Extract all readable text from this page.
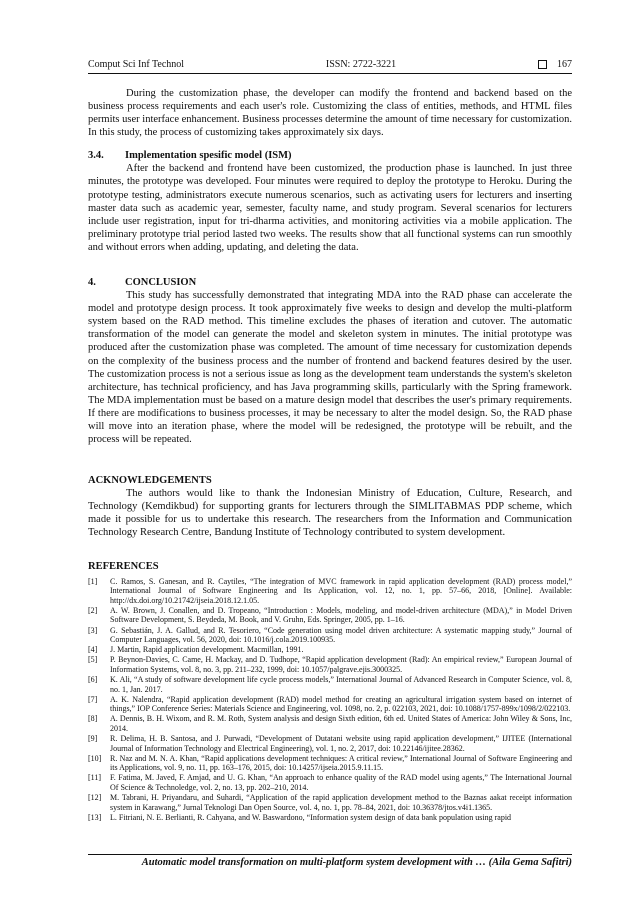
Comput Sci Inf Technol	ISSN: 2722-3221	167

During the customization phase, the developer can modify the frontend and backend based on the business process requirements and each user's role. Customizing the class of entities, methods, and HTML files permits user interface enhancement. Business processes determine the amount of time necessary for customization. In this study, the process of customizing takes approximately six days.

3.4. Implementation spesific model (ISM)

After the backend and frontend have been customized, the production phase is launched. In just three minutes, the prototype was developed. Four minutes were required to deploy the prototype to Heroku. During the prototype testing, administrators execute numerous scenarios, such as activating users for lecturers and inserting master data such as academic year, semester, faculty name, and study program. Several scenarios for lecturers include user registration, input for tri-dharma activities, and monitoring activities via a mobile application. The preliminary prototype trial period lasted two weeks. The results show that all functional systems can run smoothly and without errors when adding, updating, and deleting the data.

4.	CONCLUSION

This study has successfully demonstrated that integrating MDA into the RAD phase can accelerate the model and prototype design process. It took approximately five weeks to design and develop the multi-platform system based on the RAD method. This timeline excludes the phases of iteration and cutover. The automatic transformation of the model can generate the model and skeleton system in minutes. The initial prototype was produced after the customization phase was completed. The amount of time necessary for customization depends on the complexity of the business process and the number of frontend and backend features desired by the user. The customization process is not a serious issue as long as the development team understands the system's skeleton architecture, has technical proficiency, and has Java programming skills, particularly with the Spring framework. The MDA implementation must be based on a mature design model that describes the user's primary requirements. If there are modifications to business processes, it may be necessary to alter the model design. So, the RAD phase will move into an iteration phase, where the model will be redesigned, the prototype will be rebuilt, and the process will be repeated.

ACKNOWLEDGEMENTS

The authors would like to thank the Indonesian Ministry of Education, Culture, Research, and Technology (Kemdikbud) for supporting grants for lecturers through the SIMLITABMAS PDP scheme, which made it possible for us to undertake this research. The researchers from the Information and Communication Technology Research Centre, Bandung Institute of Technology contributed to system development.

REFERENCES
[1]	C. Ramos, S. Ganesan, and R. Caytiles, “The integration of MVC framework in rapid application development (RAD) process model,” International Journal of Software Engineering and Its Application, vol. 12, no. 1, pp. 57–66, 2018, [Online]. Available: http://dx.doi.org/10.21742/ijseia.2018.12.1.05.
[2]	A. W. Brown, J. Conallen, and D. Tropeano, “Introduction : Models, modeling, and model-driven architecture (MDA),” in Model Driven Software Development, S. Beydeda, M. Book, and V. Gruhn, Eds. Springer, 2005, pp. 1–16.
[3]	G. Sebastián, J. A. Gallud, and R. Tesoriero, “Code generation using model driven architecture: A systematic mapping study,” Journal of Computer Languages, vol. 56, 2020, doi: 10.1016/j.cola.2019.100935.
[4]	J. Martin, Rapid application development. Macmillan, 1991.
[5]	P. Beynon-Davies, C. Came, H. Mackay, and D. Tudhope, “Rapid application development (Rad): An empirical review,” European Journal of Information Systems, vol. 8, no. 3, pp. 211–232, 1999, doi: 10.1057/palgrave.ejis.3000325.
[6]	K. Ali, “A study of software development life cycle process models,” International Journal of Advanced Research in Computer Science, vol. 8, no. 1, Jan. 2017.
[7]	A. K. Nalendra, “Rapid application development (RAD) model method for creating an agricultural irrigation system based on internet of things,” IOP Conference Series: Materials Science and Engineering, vol. 1098, no. 2, p. 022103, 2021, doi: 10.1088/1757-899x/1098/2/022103.
[8]	A. Dennis, B. H. Wixom, and R. M. Roth, System analysis and design Sixth edition, 6th ed. United States of America: John Wiley & Sons, Inc, 2014.
[9]	R. Delima, H. B. Santosa, and J. Purwadi, “Development of Dutatani website using rapid application development,” IJITEE (International Journal of Information Technology and Electrical Engineering), vol. 1, no. 2, 2017, doi: 10.22146/ijitee.28362.
[10]	R. Naz and M. N. A. Khan, “Rapid applications development techniques: A critical review,” International Journal of Software Engineering and its Applications, vol. 9, no. 11, pp. 163–176, 2015, doi: 10.14257/ijseia.2015.9.11.15.
[11]	F. Fatima, M. Javed, F. Amjad, and U. G. Khan, “An approach to enhance quality of the RAD model using agents,” The International Journal Of Science & Technoledge, vol. 2, no. 13, pp. 202–210, 2014.
[12]	M. Tabrani, H. Priyandaru, and Suhardi, “Application of the rapid application development method to the Baznas aakat receipt information system in Karawang,” Jurnal Teknologi Dan Open Source, vol. 4, no. 1, pp. 78–84, 2021, doi: 10.36378/jtos.v4i1.1365.
[13]	L. Fitriani, N. E. Berlianti, R. Cahyana, and W. Baswardono, “Information system design of data bank population using rapid
Automatic model transformation on multi-platform system development with … (Aila Gema Safitri)
